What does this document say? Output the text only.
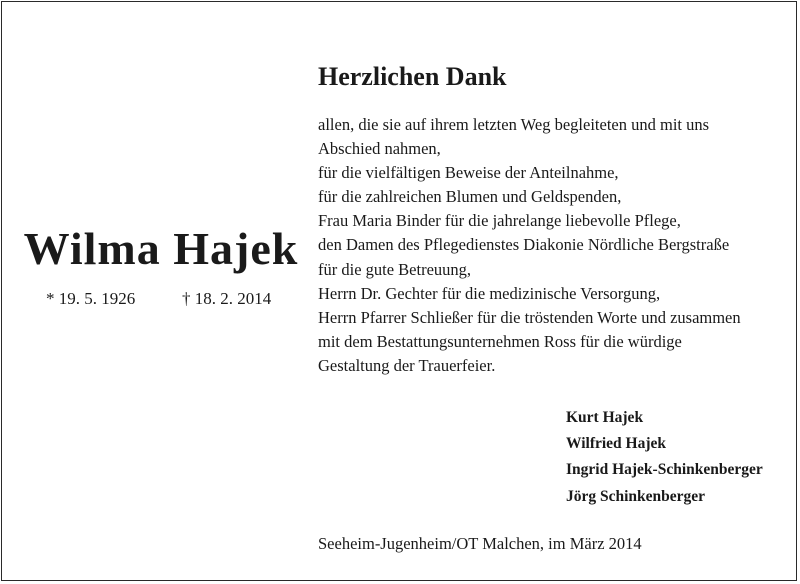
Wilma Hajek
* 19. 5. 1926	† 18. 2. 2014
Herzlichen Dank
allen, die sie auf ihrem letzten Weg begleiteten und mit uns
Abschied nahmen,
für die vielfältigen Beweise der Anteilnahme,
für die zahlreichen Blumen und Geldspenden,
Frau Maria Binder für die jahrelange liebevolle Pflege,
den Damen des Pflegedienstes Diakonie Nördliche Bergstraße
für die gute Betreuung,
Herrn Dr. Gechter für die medizinische Versorgung,
Herrn Pfarrer Schließer für die tröstenden Worte und zusammen
mit dem Bestattungsunternehmen Ross für die würdige
Gestaltung der Trauerfeier.
Kurt Hajek
Wilfried Hajek
Ingrid Hajek-Schinkenberger
Jörg Schinkenberger
Seeheim-Jugenheim/OT Malchen, im März 2014
